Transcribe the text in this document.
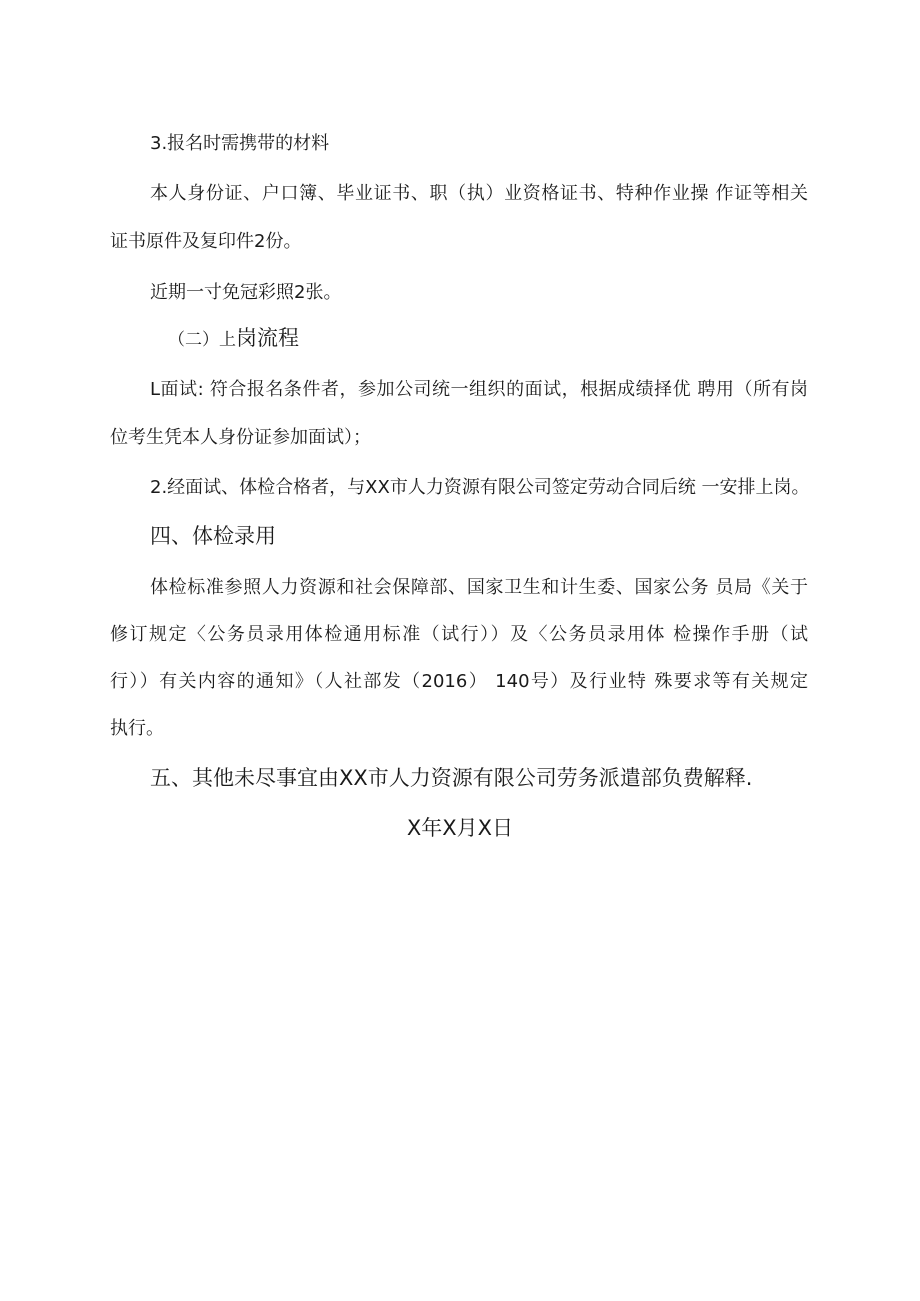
3.报名时需携带的材料
本人身份证、户口簿、毕业证书、职（执）业资格证书、特种作业操 作证等相关
证书原件及复印件2份。
近期一寸免冠彩照2张。
（二）上岗流程
L面试: 符合报名条件者，参加公司统一组织的面试，根据成绩择优 聘用（所有岗
位考生凭本人身份证参加面试）；
2.经面试、体检合格者，与XX市人力资源有限公司签定劳动合同后统 一安排上岗。
四、体检录用
体检标准参照人力资源和社会保障部、国家卫生和计生委、国家公务 员局《关于
修订规定〈公务员录用体检通用标准（试行））及〈公务员录用体 检操作手册（试
行））有关内容的通知》（人社部发（2016） 140号）及行业特 殊要求等有关规定
执行。
五、其他未尽事宜由XX市人力资源有限公司劳务派遣部负费解释.
X年X月X日
